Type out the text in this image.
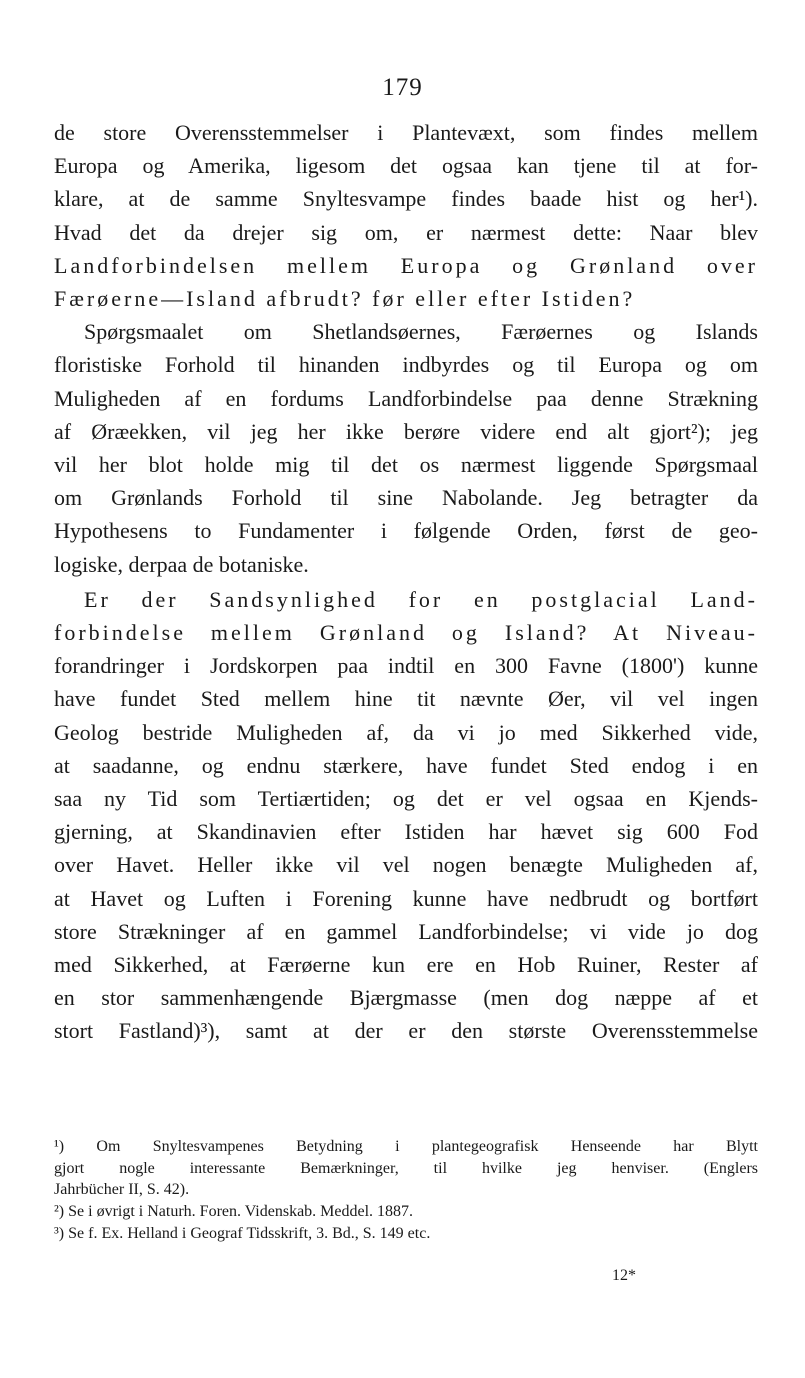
179

de store Overensstemmelser i Plantevæxt, som findes mellem
Europa og Amerika, ligesom det ogsaa kan tjene til at for-
klare, at de samme Snyltesvampe findes baade hist og her¹).
Hvad det da drejer sig om, er nærmest dette: Naar blev
Landforbindelsen mellem Europa og Grønland over
Færøerne—Island afbrudt? før eller efter Istiden?

Spørgsmaalet om Shetlandsøernes, Færøernes og Islands
floristiske Forhold til hinanden indbyrdes og til Europa og om
Muligheden af en fordums Landforbindelse paa denne Strækning
af Øræekken, vil jeg her ikke berøre videre end alt gjort²); jeg
vil her blot holde mig til det os nærmest liggende Spørgsmaal
om Grønlands Forhold til sine Nabolande. Jeg betragter da
Hypothesens to Fundamenter i følgende Orden, først de geo-
logiske, derpaa de botaniske.

Er der Sandsynlighed for en postglacial Land-
forbindelse mellem Grønland og Island? At Niveau-
forandringer i Jordskorpen paa indtil en 300 Favne (1800') kunne
have fundet Sted mellem hine tit nævnte Øer, vil vel ingen
Geolog bestride Muligheden af, da vi jo med Sikkerhed vide,
at saadanne, og endnu stærkere, have fundet Sted endog i en
saa ny Tid som Tertiærtiden; og det er vel ogsaa en Kjends-
gjerning, at Skandinavien efter Istiden har hævet sig 600 Fod
over Havet. Heller ikke vil vel nogen benægte Muligheden af,
at Havet og Luften i Forening kunne have nedbrudt og bortført
store Strækninger af en gammel Landforbindelse; vi vide jo dog
med Sikkerhed, at Færøerne kun ere en Hob Ruiner, Rester af
en stor sammenhængende Bjærgmasse (men dog næppe af et
stort Fastland)³), samt at der er den største Overensstemmelse

¹) Om Snyltesvampenes Betydning i plantegeografisk Henseende har Blytt
gjort nogle interessante Bemærkninger, til hvilke jeg henviser. (Englers
Jahrbücher II, S. 42).
²) Se i øvrigt i Naturh. Foren. Videnskab. Meddel. 1887.
³) Se f. Ex. Helland i Geograf Tidsskrift, 3. Bd., S. 149 etc.
12*
